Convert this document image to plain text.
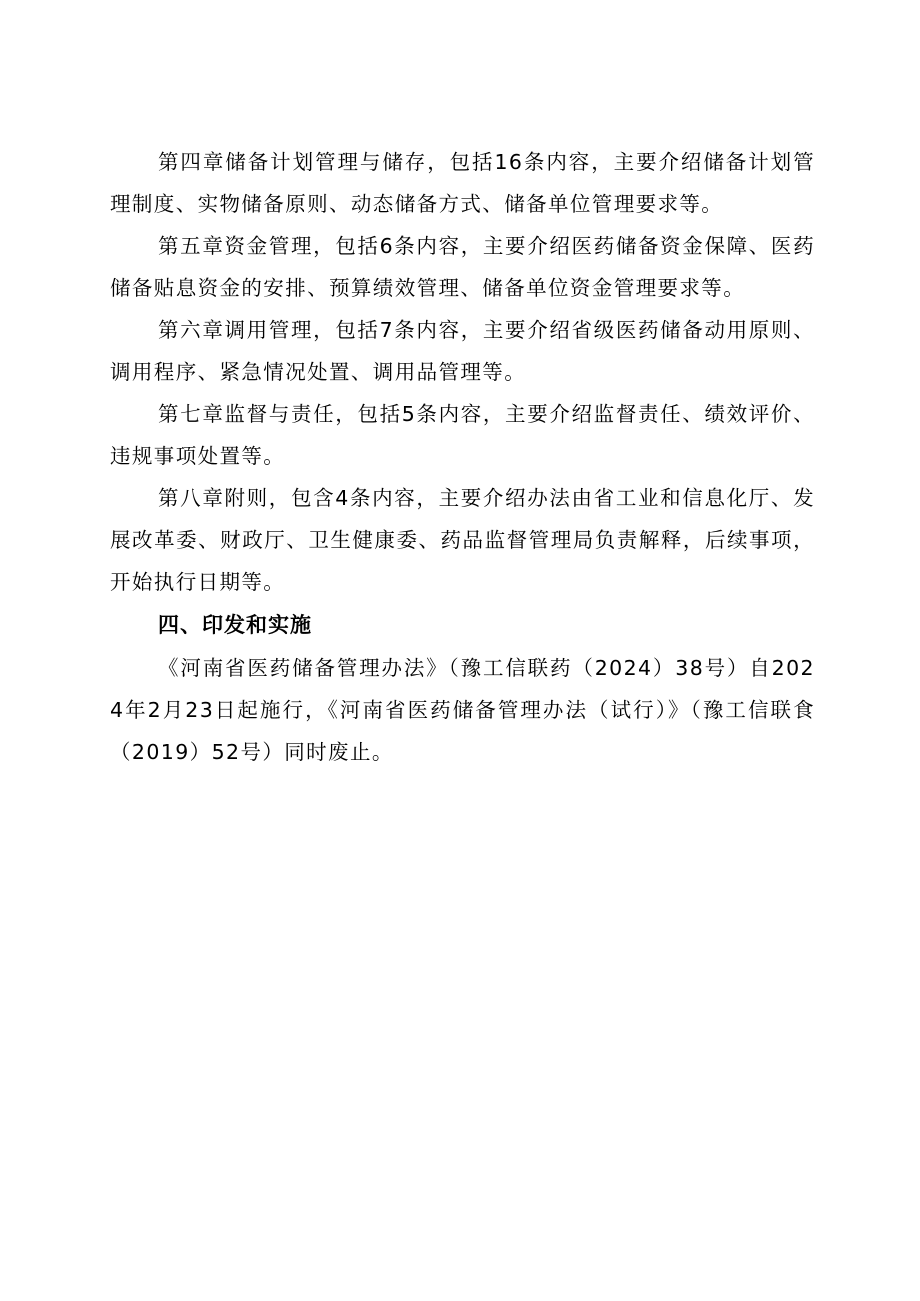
第四章储备计划管理与储存，包括16条内容，主要介绍储备计划管理制度、实物储备原则、动态储备方式、储备单位管理要求等。

第五章资金管理，包括6条内容，主要介绍医药储备资金保障、医药储备贴息资金的安排、预算绩效管理、储备单位资金管理要求等。

第六章调用管理，包括7条内容，主要介绍省级医药储备动用原则、调用程序、紧急情况处置、调用品管理等。

第七章监督与责任，包括5条内容，主要介绍监督责任、绩效评价、违规事项处置等。

第八章附则，包含4条内容，主要介绍办法由省工业和信息化厅、发展改革委、财政厅、卫生健康委、药品监督管理局负责解释，后续事项，开始执行日期等。

四、印发和实施

《河南省医药储备管理办法》（豫工信联药（2024）38号）自2024年2月23日起施行，《河南省医药储备管理办法（试行）》（豫工信联食（2019）52号）同时废止。
